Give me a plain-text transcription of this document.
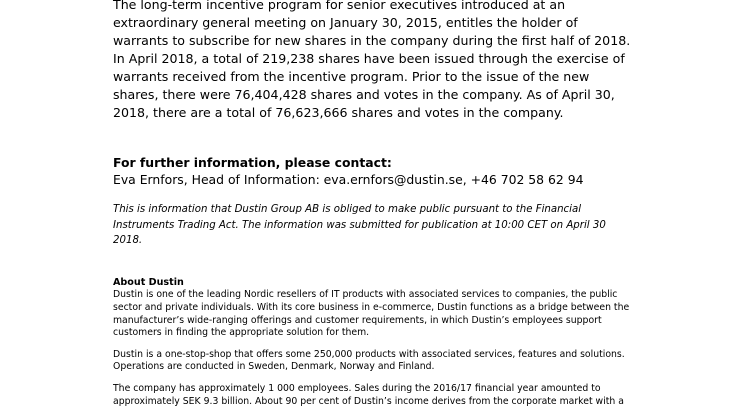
The long-term incentive program for senior executives introduced at an extraordinary general meeting on January 30, 2015, entitles the holder of warrants to subscribe for new shares in the company during the first half of 2018. In April 2018, a total of 219,238 shares have been issued through the exercise of warrants received from the incentive program. Prior to the issue of the new shares, there were 76,404,428 shares and votes in the company. As of April 30, 2018, there are a total of 76,623,666 shares and votes in the company.

For further information, please contact:

Eva Ernfors, Head of Information: eva.ernfors@dustin.se, +46 702 58 62 94

This is information that Dustin Group AB is obliged to make public pursuant to the Financial Instruments Trading Act. The information was submitted for publication at 10:00 CET on April 30 2018.

About Dustin

Dustin is one of the leading Nordic resellers of IT products with associated services to companies, the public sector and private individuals. With its core business in e-commerce, Dustin functions as a bridge between the manufacturer’s wide-ranging offerings and customer requirements, in which Dustin’s employees support customers in finding the appropriate solution for them.

Dustin is a one-stop-shop that offers some 250,000 products with associated services, features and solutions. Operations are conducted in Sweden, Denmark, Norway and Finland.

The company has approximately 1 000 employees. Sales during the 2016/17 financial year amounted to approximately SEK 9.3 billion. About 90 per cent of Dustin’s income derives from the corporate market with a
